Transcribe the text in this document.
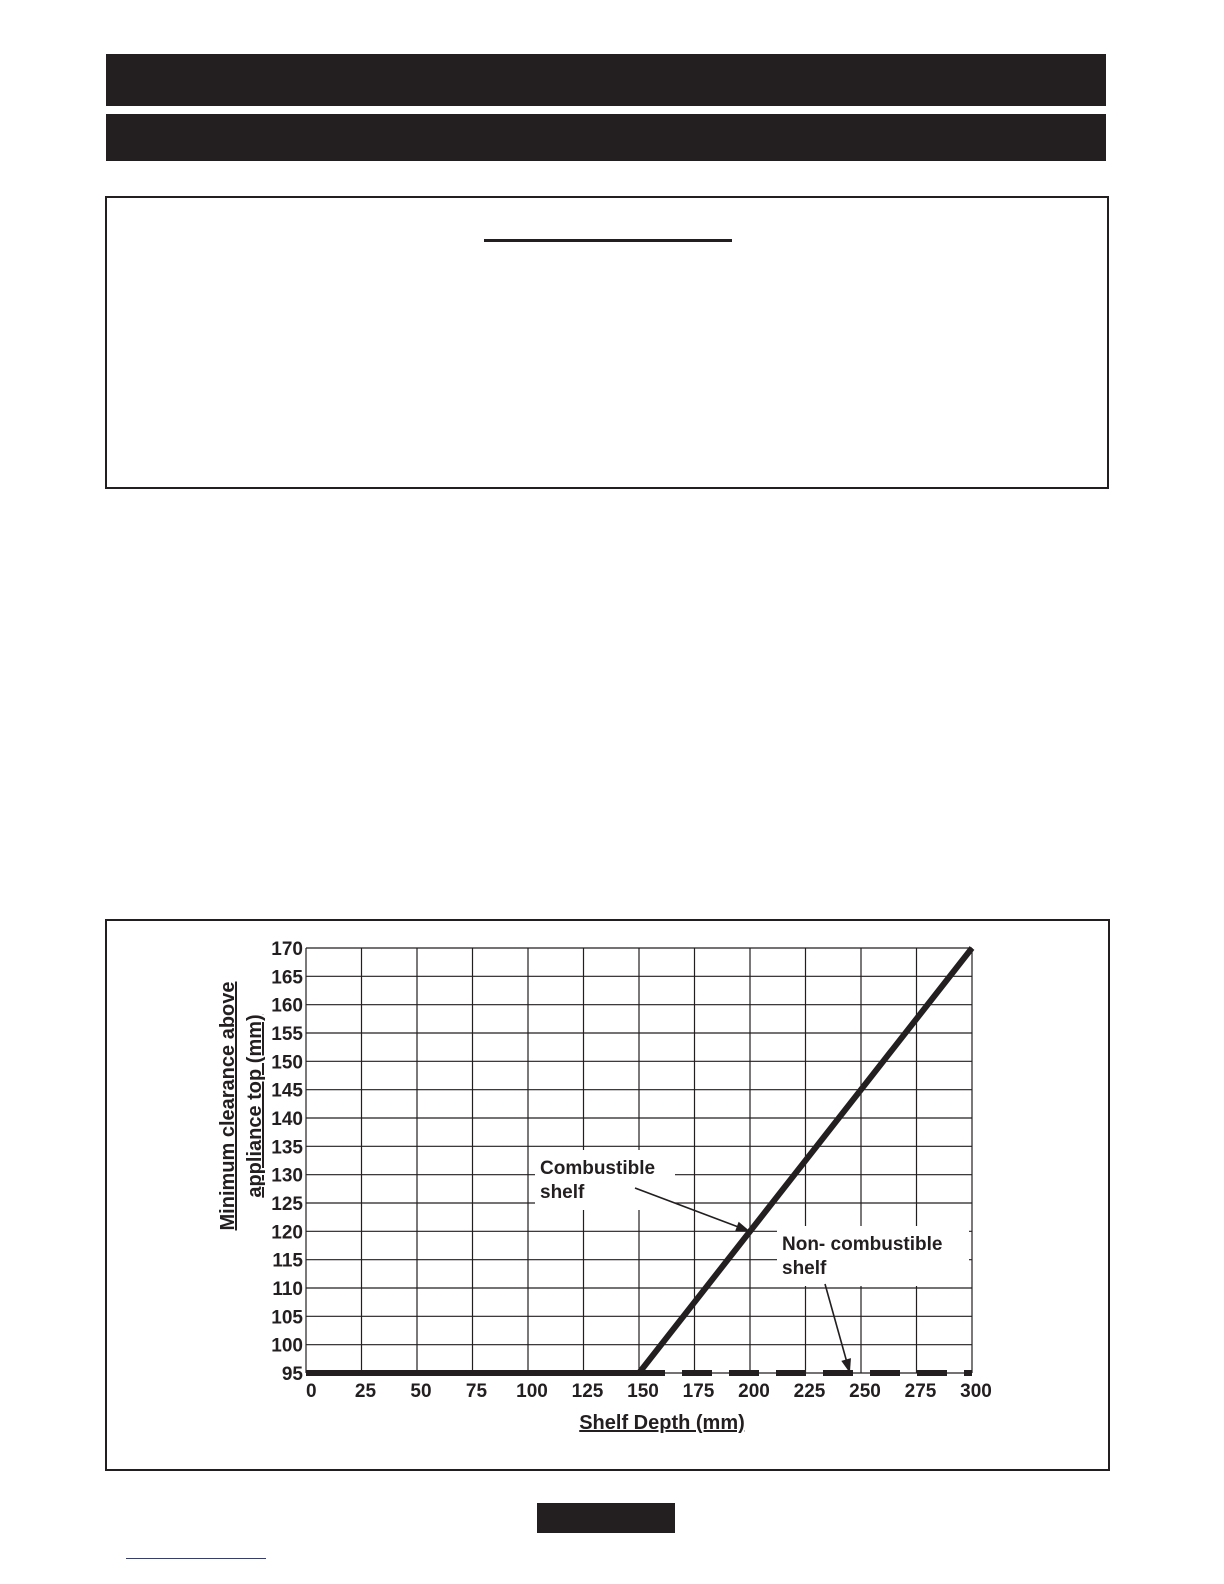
0 25 50 75 100 125 150 175 200 225 250 275 300
95
100
105
110
115
120
125
130
135
140
145
150
155
160
165
170
Combustible
shelf
Non- combustible
shelf
Shelf Depth (mm)
Minimum clearance above appliance top (mm)
